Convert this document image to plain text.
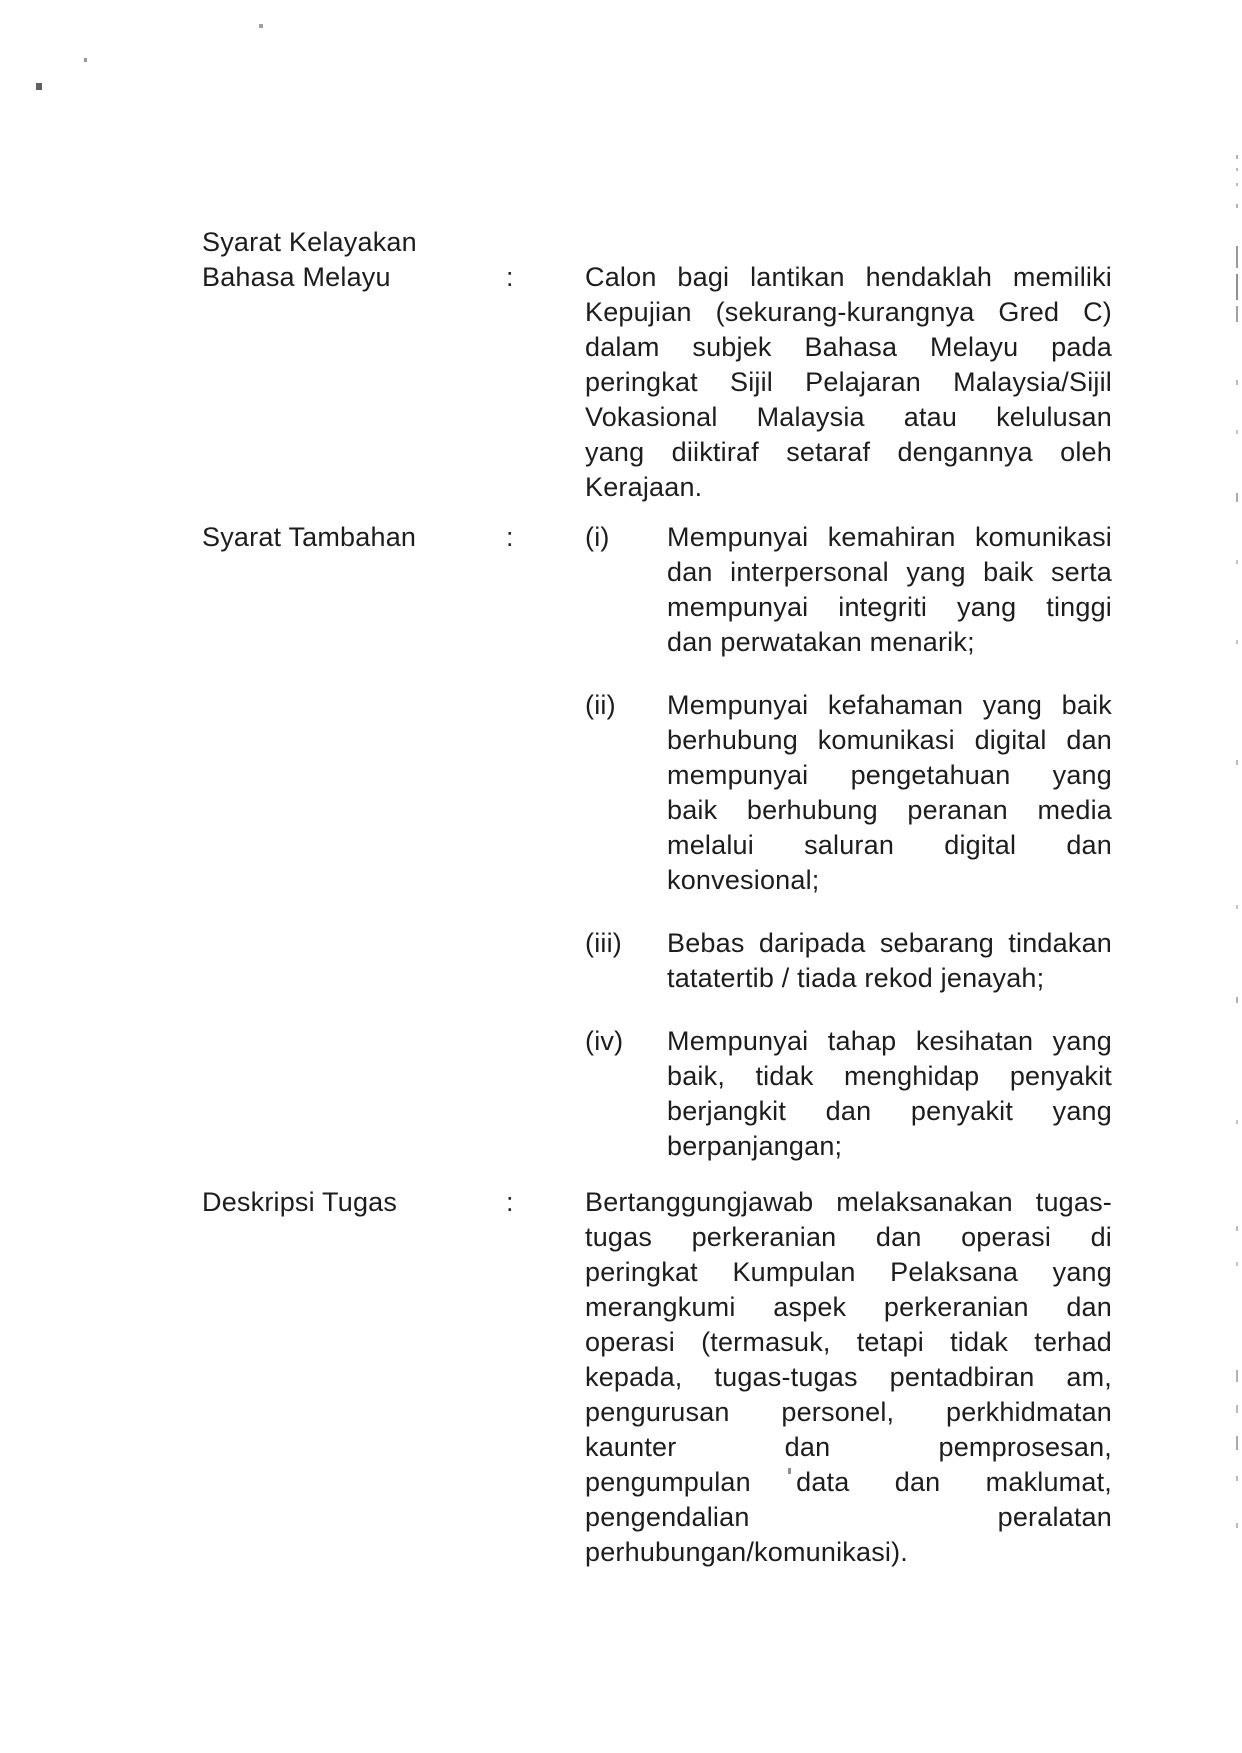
Syarat Kelayakan
Bahasa Melayu	:	Calon bagi lantikan hendaklah memiliki
Kepujian (sekurang-kurangnya Gred C)
dalam subjek Bahasa Melayu pada
peringkat Sijil Pelajaran Malaysia/Sijil
Vokasional Malaysia atau kelulusan
yang diiktiraf setaraf dengannya oleh
Kerajaan.
Syarat Tambahan	:	(i)	Mempunyai kemahiran komunikasi
dan interpersonal yang baik serta
mempunyai integriti yang tinggi
dan perwatakan menarik;
(ii)	Mempunyai kefahaman yang baik
berhubung komunikasi digital dan
mempunyai pengetahuan yang
baik berhubung peranan media
melalui saluran digital dan
konvesional;
(iii)	Bebas daripada sebarang tindakan
tatatertib / tiada rekod jenayah;
(iv)	Mempunyai tahap kesihatan yang
baik, tidak menghidap penyakit
berjangkit dan penyakit yang
berpanjangan;
Deskripsi Tugas	:	Bertanggungjawab melaksanakan tugas-
tugas perkeranian dan operasi di
peringkat Kumpulan Pelaksana yang
merangkumi aspek perkeranian dan
operasi (termasuk, tetapi tidak terhad
kepada, tugas-tugas pentadbiran am,
pengurusan personel, perkhidmatan
kaunter dan pemprosesan,
pengumpulan data dan maklumat,
pengendalian peralatan
perhubungan/komunikasi).
